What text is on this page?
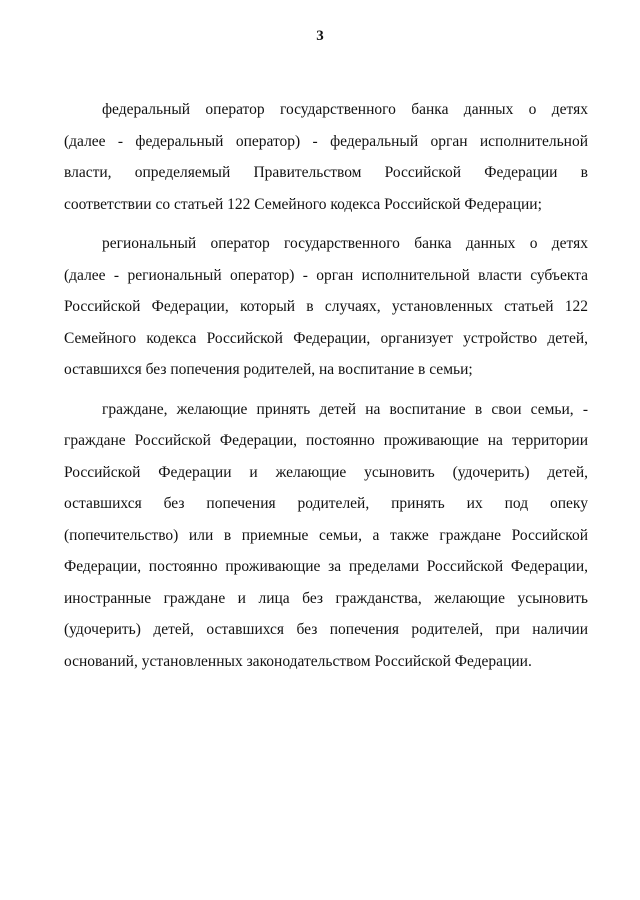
3
федеральный оператор государственного банка данных о детях
(далее - федеральный оператор) - федеральный орган исполнительной
власти, определяемый Правительством Российской Федерации в
соответствии со статьей 122 Семейного кодекса Российской Федерации;
региональный оператор государственного банка данных о детях
(далее - региональный оператор) - орган исполнительной власти субъекта
Российской Федерации, который в случаях, установленных статьей 122
Семейного кодекса Российской Федерации, организует устройство детей,
оставшихся без попечения родителей, на воспитание в семьи;
граждане, желающие принять детей на воспитание в свои семьи, -
граждане Российской Федерации, постоянно проживающие на территории
Российской Федерации и желающие усыновить (удочерить) детей,
оставшихся без попечения родителей, принять их под опеку
(попечительство) или в приемные семьи, а также граждане Российской
Федерации, постоянно проживающие за пределами Российской Федерации,
иностранные граждане и лица без гражданства, желающие усыновить
(удочерить) детей, оставшихся без попечения родителей, при наличии
оснований, установленных законодательством Российской Федерации.
